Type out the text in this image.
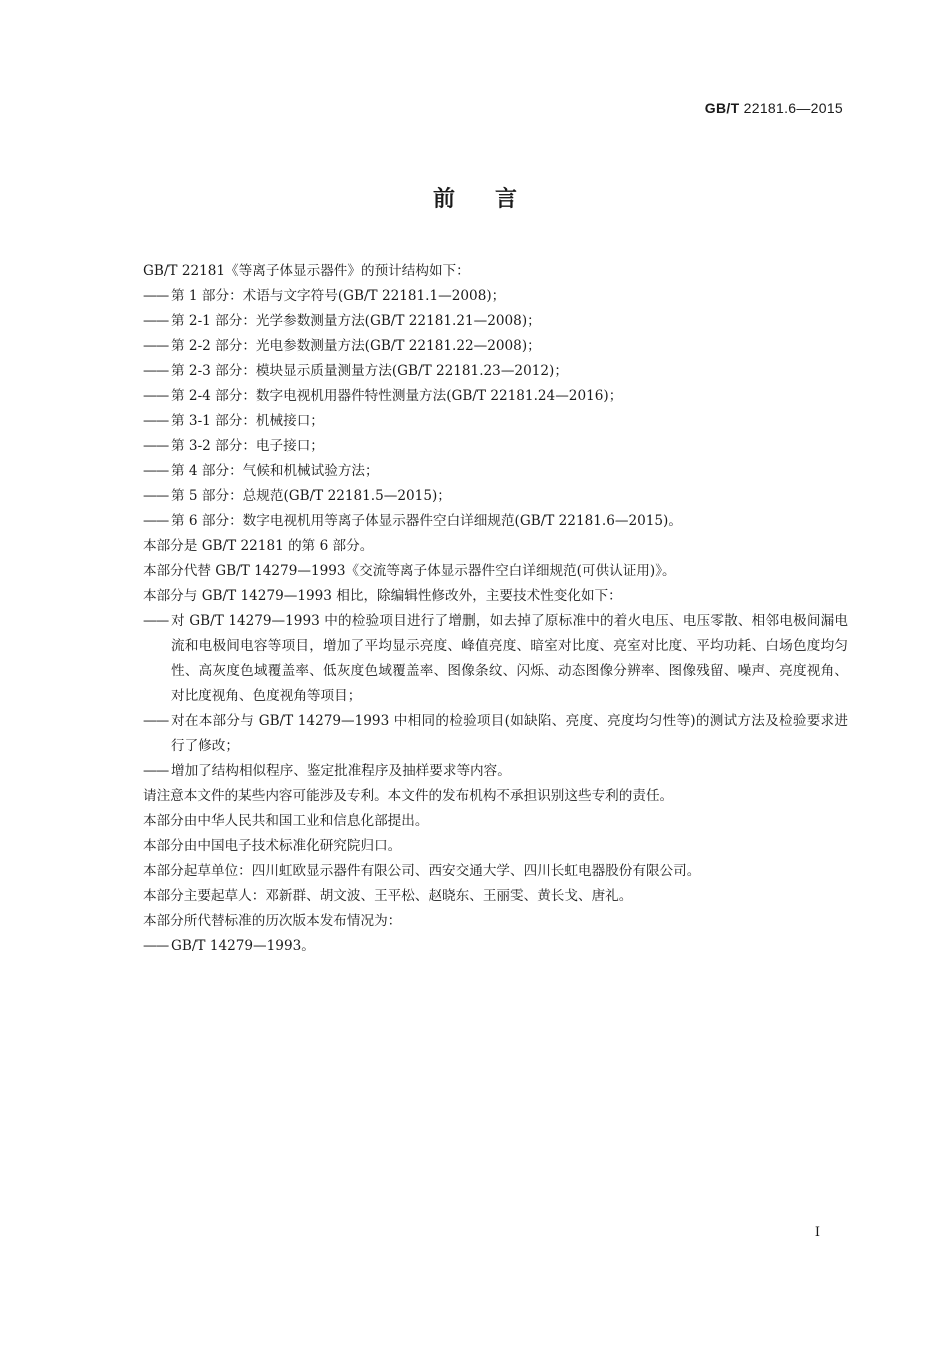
GB/T 22181.6—2015
前言
GB/T 22181《等离子体显示器件》的预计结构如下：
—— 第 1 部分：术语与文字符号(GB/T 22181.1—2008)；
—— 第 2-1 部分：光学参数测量方法(GB/T 22181.21—2008)；
—— 第 2-2 部分：光电参数测量方法(GB/T 22181.22—2008)；
—— 第 2-3 部分：模块显示质量测量方法(GB/T 22181.23—2012)；
—— 第 2-4 部分：数字电视机用器件特性测量方法(GB/T 22181.24—2016)；
—— 第 3-1 部分：机械接口；
—— 第 3-2 部分：电子接口；
—— 第 4 部分：气候和机械试验方法；
—— 第 5 部分：总规范(GB/T 22181.5—2015)；
—— 第 6 部分：数字电视机用等离子体显示器件空白详细规范(GB/T 22181.6—2015)。
本部分是 GB/T 22181 的第 6 部分。
本部分代替 GB/T 14279—1993《交流等离子体显示器件空白详细规范(可供认证用)》。
本部分与 GB/T 14279—1993 相比，除编辑性修改外，主要技术性变化如下：
—— 对 GB/T 14279—1993 中的检验项目进行了增删，如去掉了原标准中的着火电压、电压零散、相邻电极间漏电流和电极间电容等项目，增加了平均显示亮度、峰值亮度、暗室对比度、亮室对比度、平均功耗、白场色度均匀性、高灰度色域覆盖率、低灰度色域覆盖率、图像条纹、闪烁、动态图像分辨率、图像残留、噪声、亮度视角、对比度视角、色度视角等项目；
—— 对在本部分与 GB/T 14279—1993 中相同的检验项目(如缺陷、亮度、亮度均匀性等)的测试方法及检验要求进行了修改；
—— 增加了结构相似程序、鉴定批准程序及抽样要求等内容。
请注意本文件的某些内容可能涉及专利。本文件的发布机构不承担识别这些专利的责任。
本部分由中华人民共和国工业和信息化部提出。
本部分由中国电子技术标准化研究院归口。
本部分起草单位：四川虹欧显示器件有限公司、西安交通大学、四川长虹电器股份有限公司。
本部分主要起草人：邓新群、胡文波、王平松、赵晓东、王丽雯、黄长戈、唐礼。
本部分所代替标准的历次版本发布情况为：
—— GB/T 14279—1993。
I
